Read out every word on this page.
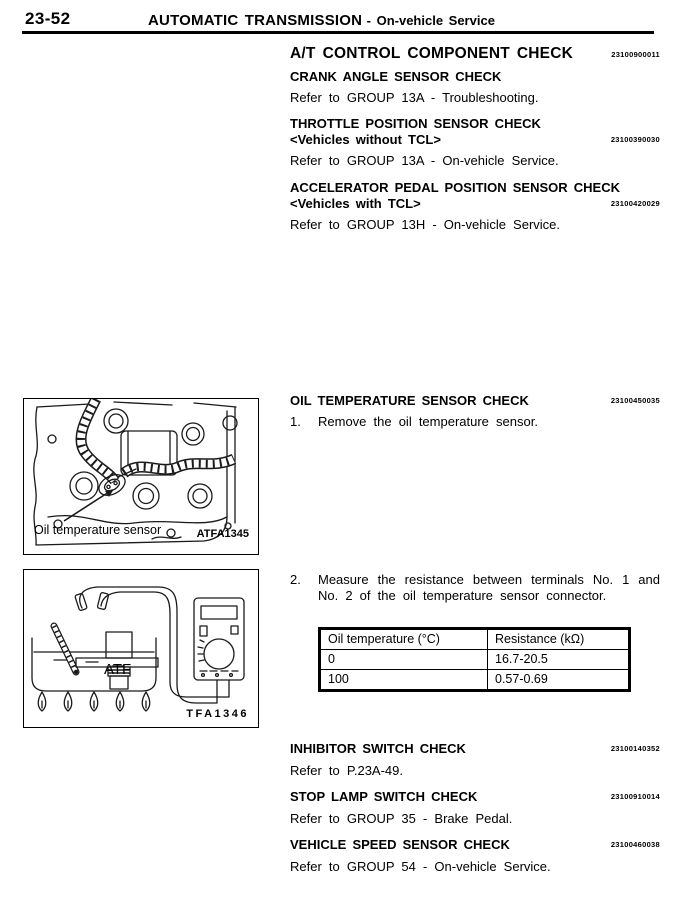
23-52	AUTOMATIC TRANSMISSION - On-vehicle Service
A/T CONTROL COMPONENT CHECK	23100900011
CRANK ANGLE SENSOR CHECK
Refer to GROUP 13A - Troubleshooting.
THROTTLE POSITION SENSOR CHECK
<Vehicles without TCL>	23100390030
Refer to GROUP 13A - On-vehicle Service.
ACCELERATOR PEDAL POSITION SENSOR CHECK
<Vehicles with TCL>	23100420029
Refer to GROUP 13H - On-vehicle Service.
OIL TEMPERATURE SENSOR CHECK	23100450035
1.	Remove the oil temperature sensor.
2.	Measure the resistance between terminals No. 1 and No. 2 of the oil temperature sensor connector.
Oil temperature (°C)	Resistance (kΩ)
0	16.7-20.5
100	0.57-0.69
INHIBITOR SWITCH CHECK	23100140352
Refer to P.23A-49.
STOP LAMP SWITCH CHECK	23100910014
Refer to GROUP 35 - Brake Pedal.
VEHICLE SPEED SENSOR CHECK	23100460038
Refer to GROUP 54 - On-vehicle Service.
Oil temperature sensor	ATFA1345
ATF
TFA1346
